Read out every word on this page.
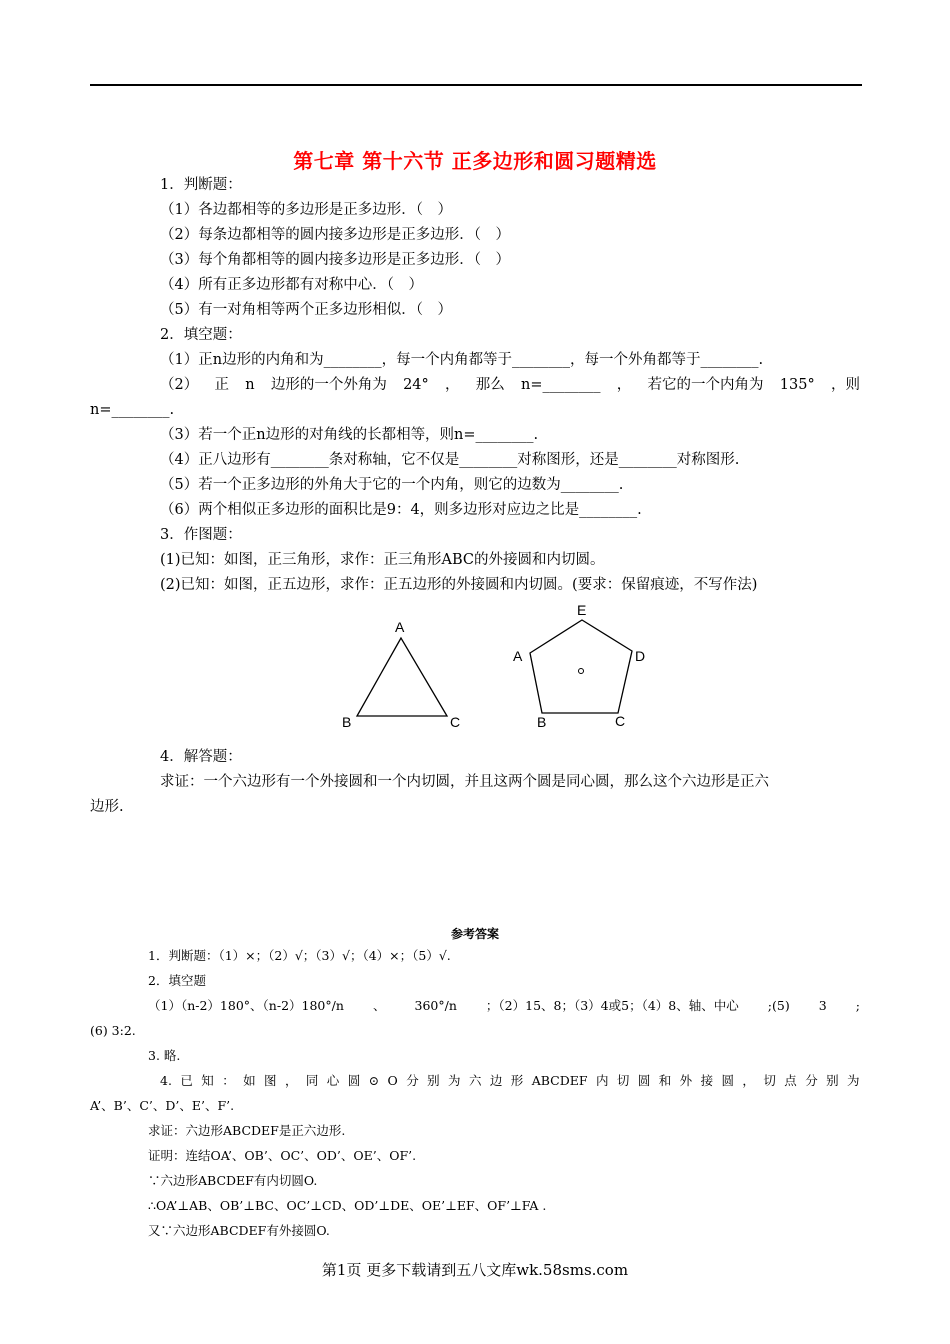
第七章 第十六节 正多边形和圆习题精选
1．判断题：
（1）各边都相等的多边形是正多边形．（　）
（2）每条边都相等的圆内接多边形是正多边形．（　）
（3）每个角都相等的圆内接多边形是正多边形．（　）
（4）所有正多边形都有对称中心．（　）
（5）有一对角相等两个正多边形相似．（　）
2．填空题：
（1）正n边形的内角和为________，每一个内角都等于________，每一个外角都等于________.
（2） 正 n 边形的一个外角为 24° ， 那么 n=________ ， 若它的一个内角为 135° ，则
n=________.
（3）若一个正n边形的对角线的长都相等，则n=________.
（4）正八边形有________条对称轴，它不仅是________对称图形，还是________对称图形.
（5）若一个正多边形的外角大于它的一个内角，则它的边数为________.
（6）两个相似正多边形的面积比是9：4，则多边形对应边之比是________.
3．作图题：
(1)已知：如图，正三角形，求作：正三角形ABC的外接圆和内切圆。
(2)已知：如图，正五边形，求作：正五边形的外接圆和内切圆。(要求：保留痕迹，不写作法)
A
B	C
E
A	D
B	C
4．解答题：
求证：一个六边形有一个外接圆和一个内切圆，并且这两个圆是同心圆，那么这个六边形是正六
边形.
参考答案
1．判断题：（1）×；（2）√；（3）√；（4）×；（5）√.
2．填空题
（1）（n-2）180°、（n-2）180°/n 、 360°/n ；（2）15、8；（3）4或5；（4）8、轴、中心 ;(5) 3 ;
(6) 3:2.
3. 略.
4. 已 知 ： 如 图 ， 同 心 圆 ⊙ O 分 别 为 六 边 形 ABCDEF 内 切 圆 和 外 接 圆 ， 切 点 分 别 为
A’、B’、C’、D’、E’、F’.
求证：六边形ABCDEF是正六边形.
证明：连结OA’、OB’、OC’、OD’、OE’、OF’.
∵六边形ABCDEF有内切圆O.
∴OA’⊥AB、OB’⊥BC、OC’⊥CD、OD’⊥DE、OE’⊥EF、OF’⊥FA .
又∵六边形ABCDEF有外接圆O.
第1页 更多下载请到五八文库wk.58sms.com
